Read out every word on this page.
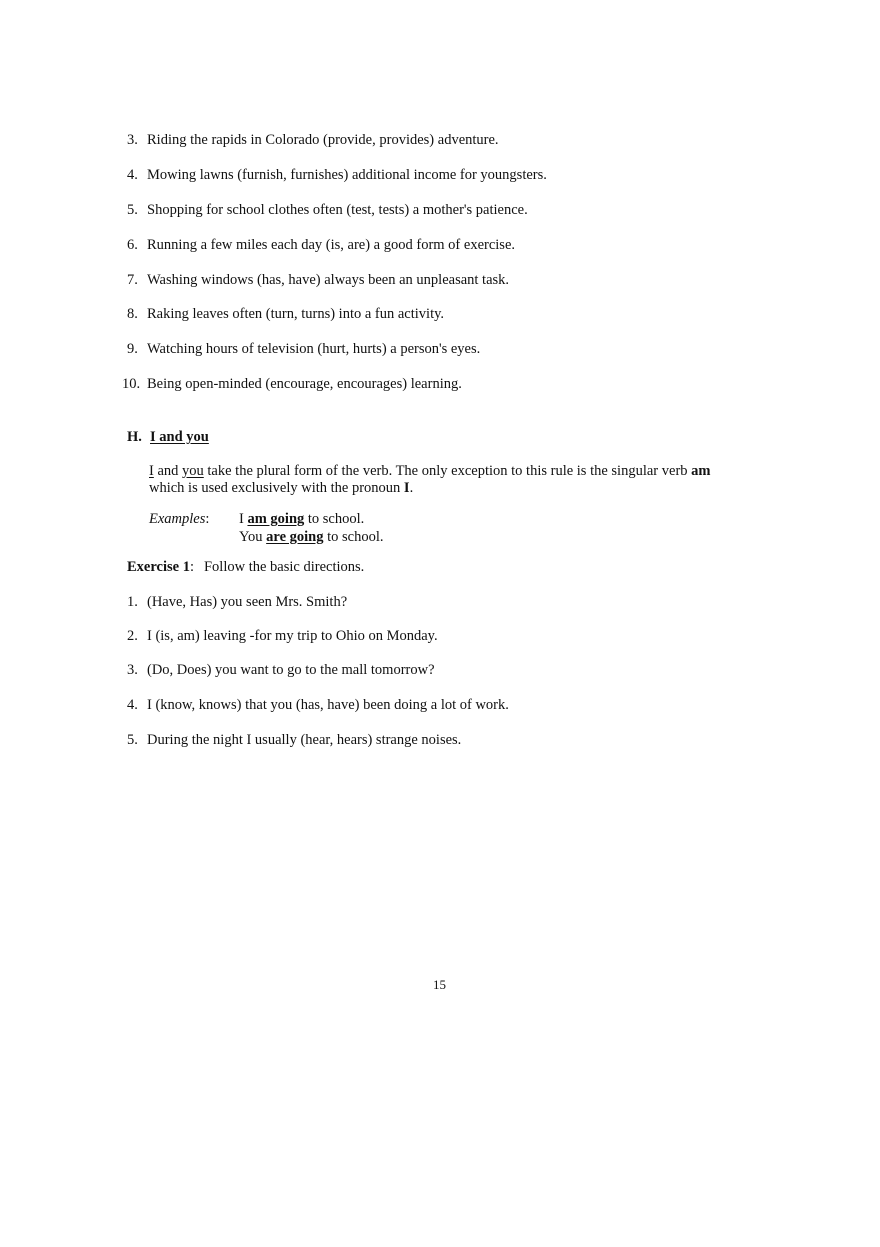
3. Riding the rapids in Colorado (provide, provides) adventure.
4. Mowing lawns (furnish, furnishes) additional income for youngsters.
5. Shopping for school clothes often (test, tests) a mother's patience.
6. Running a few miles each day (is, are) a good form of exercise.
7. Washing windows (has, have) always been an unpleasant task.
8. Raking leaves often (turn, turns) into a fun activity.
9. Watching hours of television (hurt, hurts) a person's eyes.
10. Being open-minded (encourage, encourages) learning.
H. I and you
I and you take the plural form of the verb. The only exception to this rule is the singular verb am
which is used exclusively with the pronoun I.
Examples: I am going to school.
You are going to school.
Exercise 1: Follow the basic directions.
1. (Have, Has) you seen Mrs. Smith?
2. I (is, am) leaving -for my trip to Ohio on Monday.
3. (Do, Does) you want to go to the mall tomorrow?
4. I (know, knows) that you (has, have) been doing a lot of work.
5. During the night I usually (hear, hears) strange noises.
15
